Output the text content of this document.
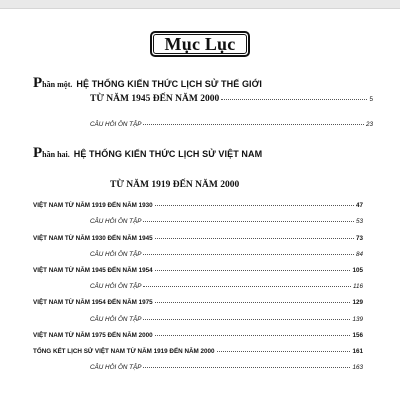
Mục Lục
P hần một. HỆ THỐNG KIẾN THỨC LỊCH SỬ THẾ GIỚI
TỪ NĂM 1945 ĐẾN NĂM 2000	5
CÂU HỎI ÔN TẬP	23
P hần hai. HỆ THỐNG KIẾN THỨC LỊCH SỬ VIỆT NAM
TỪ NĂM 1919 ĐẾN NĂM 2000
VIỆT NAM TỪ NĂM 1919 ĐẾN NĂM 1930	47
CÂU HỎI ÔN TẬP	53
VIỆT NAM TỪ NĂM 1930 ĐẾN NĂM 1945	73
CÂU HỎI ÔN TẬP	84
VIỆT NAM TỪ NĂM 1945 ĐẾN NĂM 1954	105
CÂU HỎI ÔN TẬP	116
VIỆT NAM TỪ NĂM 1954 ĐẾN NĂM 1975	129
CÂU HỎI ÔN TẬP	139
VIỆT NAM TỪ NĂM 1975 ĐẾN NĂM 2000	156
TỔNG KẾT LỊCH SỬ VIỆT NAM TỪ NĂM 1919 ĐẾN NĂM 2000	161
CÂU HỎI ÔN TẬP	163
